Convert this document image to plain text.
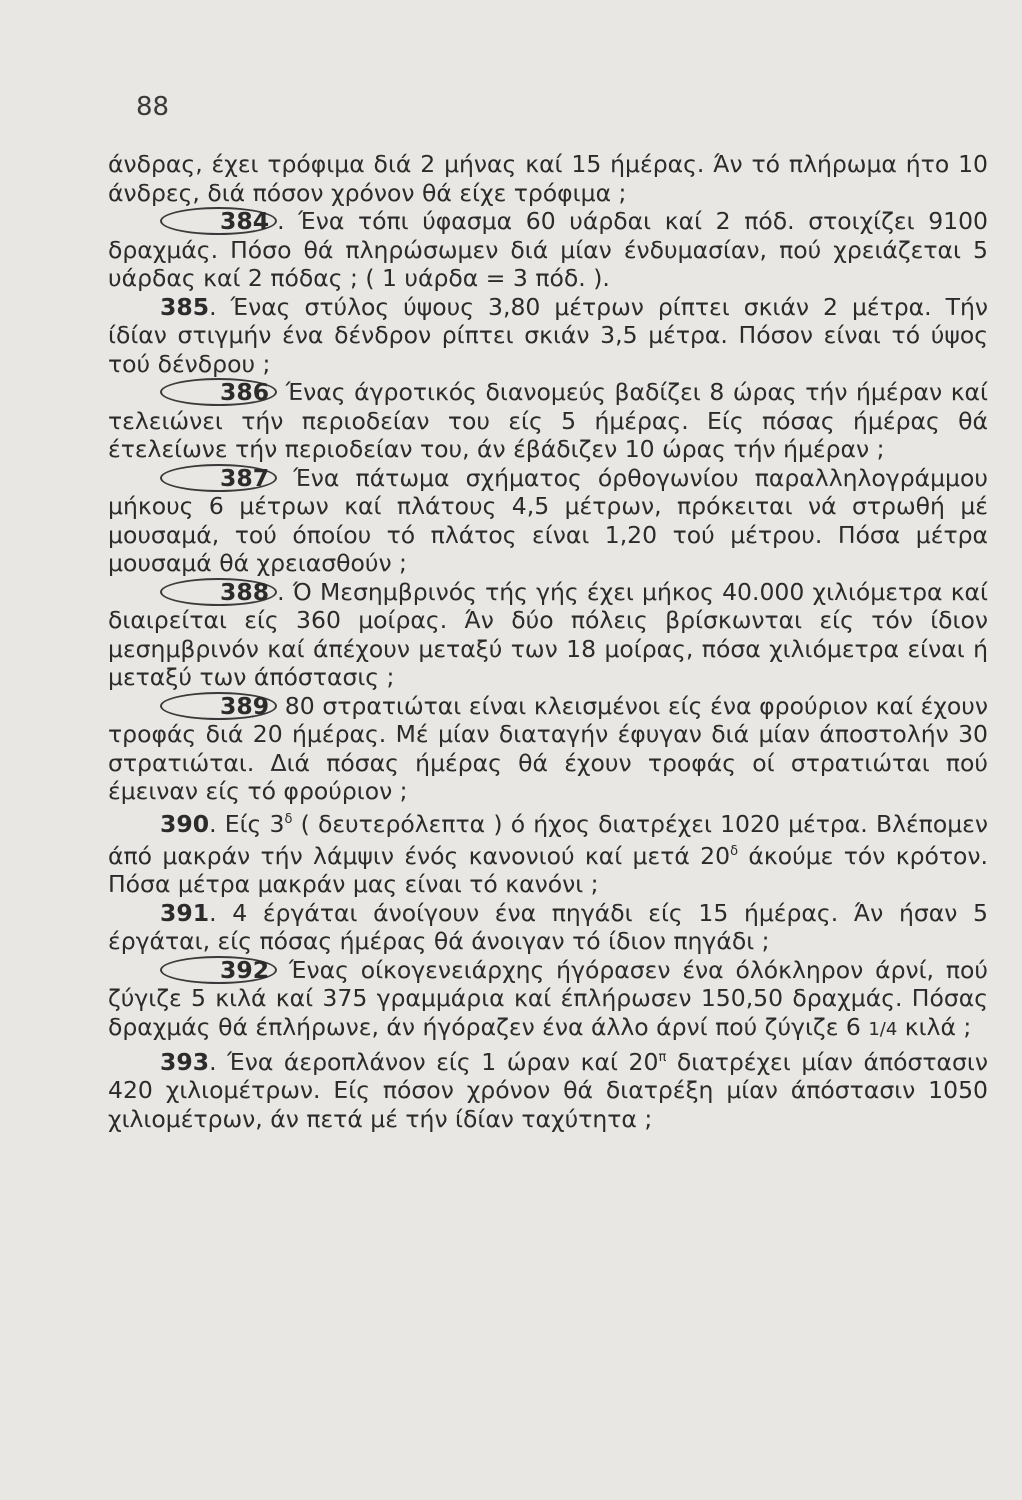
88

άνδρας, έχει τρόφιμα διά 2 μήνας καί 15 ήμέρας. Άν τό πλήρωμα ήτο 10 άνδρες, διά πόσον χρόνον θά είχε τρόφιμα ;

384 . Ένα τόπι ύφασμα 60 υάρδαι καί 2 πόδ. στοιχίζει 9100 δραχμάς. Πόσο θά πληρώσωμεν διά μίαν ένδυμασίαν, πού χρειάζεται 5 υάρδας καί 2 πόδας ; ( 1 υάρδα = 3 πόδ. ).

385. Ένας στύλος ύψους 3,80 μέτρων ρίπτει σκιάν 2 μέτρα. Τήν ίδίαν στιγμήν ένα δένδρον ρίπτει σκιάν 3,5 μέτρα. Πόσον είναι τό ύψος τού δένδρου ;

386 Ένας άγροτικός διανομεύς βαδίζει 8 ώρας τήν ήμέραν καί τελειώνει τήν περιοδείαν του είς 5 ήμέρας. Είς πόσας ήμέρας θά έτελείωνε τήν περιοδείαν του, άν έβάδιζεν 10 ώρας τήν ήμέραν ;

387 Ένα πάτωμα σχήματος όρθογωνίου παραλληλογράμμου μήκους 6 μέτρων καί πλάτους 4,5 μέτρων, πρόκειται νά στρωθή μέ μουσαμά, τού όποίου τό πλάτος είναι 1,20 τού μέτρου. Πόσα μέτρα μουσαμά θά χρειασθούν ;

388 . Ό Μεσημβρινός τής γής έχει μήκος 40.000 χιλιόμετρα καί διαιρείται είς 360 μοίρας. Άν δύο πόλεις βρίσκωνται είς τόν ίδιον μεσημβρινόν καί άπέχουν μεταξύ των 18 μοίρας, πόσα χιλιόμετρα είναι ή μεταξύ των άπόστασις ;

389 80 στρατιώται είναι κλεισμένοι είς ένα φρούριον καί έχουν τροφάς διά 20 ήμέρας. Μέ μίαν διαταγήν έφυγαν διά μίαν άποστολήν 30 στρατιώται. Διά πόσας ήμέρας θά έχουν τροφάς οί στρατιώται πού έμειναν είς τό φρούριον ;

390. Είς $3^\delta$ ( δευτερόλεπτα ) ό ήχος διατρέχει 1020 μέτρα. Βλέπομεν άπό μακράν τήν λάμψιν ένός κανονιού καί μετά $20^\delta$ άκούμε τόν κρότον. Πόσα μέτρα μακράν μας είναι τό κανόνι ;

391. 4 έργάται άνοίγουν ένα πηγάδι είς 15 ήμέρας. Άν ήσαν 5 έργάται, είς πόσας ήμέρας θά άνοιγαν τό ίδιον πηγάδι ;

392 Ένας οίκογενειάρχης ήγόρασεν ένα όλόκληρον άρνί, πού ζύγιζε 5 κιλά καί 375 γραμμάρια καί έπλήρωσεν 150,50 δραχμάς. Πόσας δραχμάς θά έπλήρωνε, άν ήγόραζεν ένα άλλο άρνί πού ζύγιζε 6 1/4 κιλά ;

393. Ένα άεροπλάνον είς 1 ώραν καί $20^\pi$ διατρέχει μίαν άπόστασιν 420 χιλιομέτρων. Είς πόσον χρόνον θά διατρέξη μίαν άπόστασιν 1050 χιλιομέτρων, άν πετά μέ τήν ίδίαν ταχύτητα ;
